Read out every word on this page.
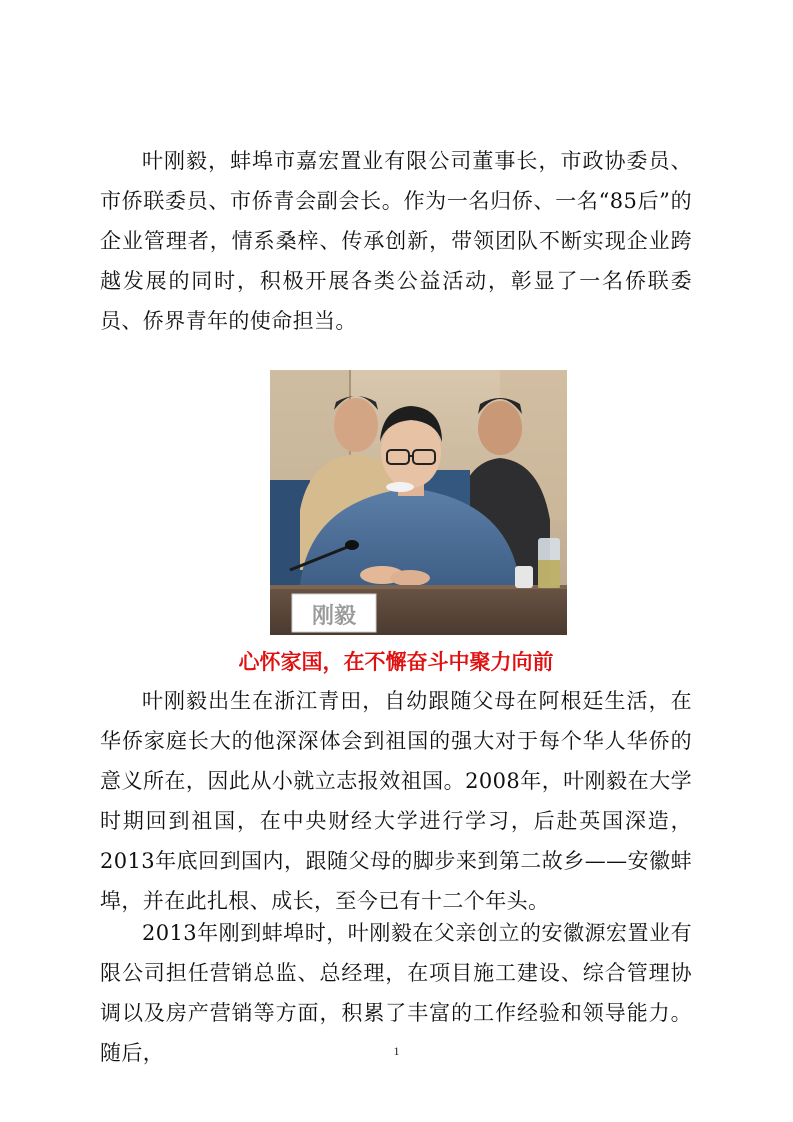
叶刚毅，蚌埠市嘉宏置业有限公司董事长，市政协委员、市侨联委员、市侨青会副会长。作为一名归侨、一名“85后”的企业管理者，情系桑梓、传承创新，带领团队不断实现企业跨越发展的同时，积极开展各类公益活动，彰显了一名侨联委员、侨界青年的使命担当。

刚毅

心怀家国，在不懈奋斗中聚力向前

叶刚毅出生在浙江青田，自幼跟随父母在阿根廷生活，在华侨家庭长大的他深深体会到祖国的强大对于每个华人华侨的意义所在，因此从小就立志报效祖国。2008年，叶刚毅在大学时期回到祖国，在中央财经大学进行学习，后赴英国深造，2013年底回到国内，跟随父母的脚步来到第二故乡——安徽蚌埠，并在此扎根、成长，至今已有十二个年头。

2013年刚到蚌埠时，叶刚毅在父亲创立的安徽源宏置业有限公司担任营销总监、总经理，在项目施工建设、综合管理协调以及房产营销等方面，积累了丰富的工作经验和领导能力。随后，	1
